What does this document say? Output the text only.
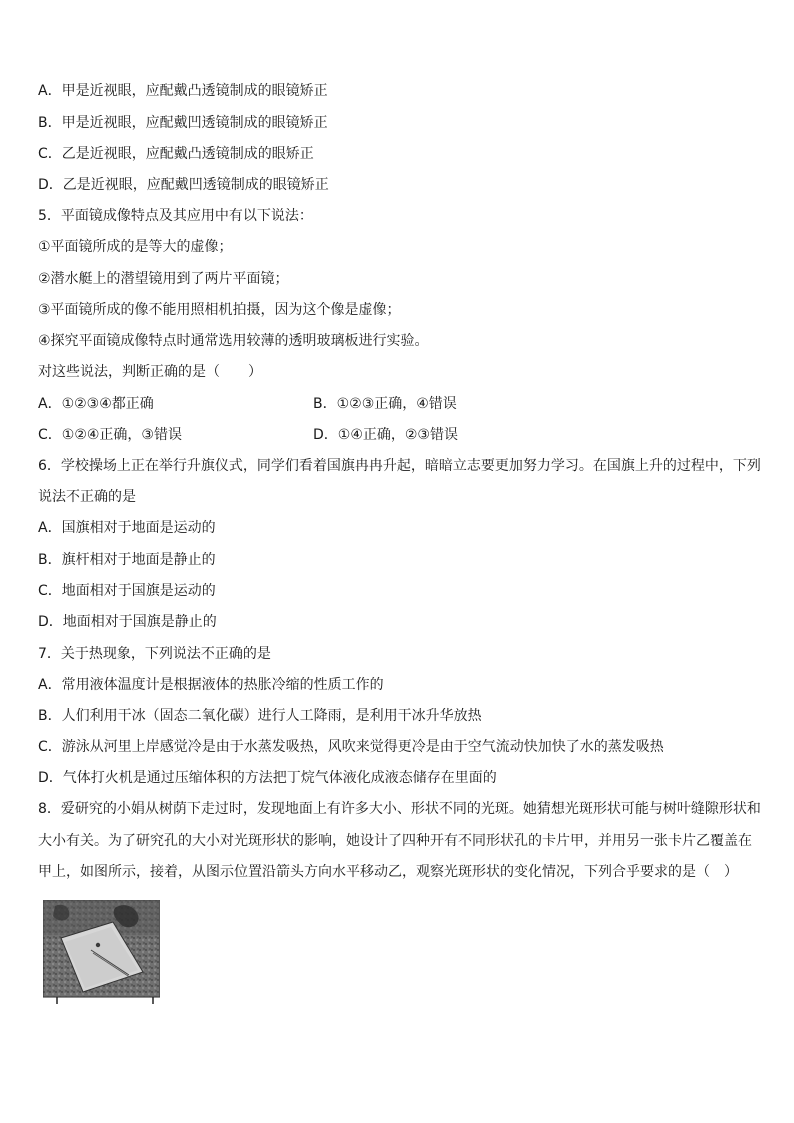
A．甲是近视眼，应配戴凸透镜制成的眼镜矫正
B．甲是近视眼，应配戴凹透镜制成的眼镜矫正
C．乙是近视眼，应配戴凸透镜制成的眼矫正
D．乙是近视眼，应配戴凹透镜制成的眼镜矫正
5．平面镜成像特点及其应用中有以下说法：
①平面镜所成的是等大的虚像；
②潜水艇上的潜望镜用到了两片平面镜；
③平面镜所成的像不能用照相机拍摄，因为这个像是虚像；
④探究平面镜成像特点时通常选用较薄的透明玻璃板进行实验。
对这些说法，判断正确的是（　　）
A．①②③④都正确	B．①②③正确，④错误
C．①②④正确，③错误	D．①④正确，②③错误
6．学校操场上正在举行升旗仪式，同学们看着国旗冉冉升起，暗暗立志要更加努力学习。在国旗上升的过程中，下列
说法不正确的是
A．国旗相对于地面是运动的
B．旗杆相对于地面是静止的
C．地面相对于国旗是运动的
D．地面相对于国旗是静止的
7．关于热现象，下列说法不正确的是
A．常用液体温度计是根据液体的热胀冷缩的性质工作的
B．人们利用干冰（固态二氧化碳）进行人工降雨，是利用干冰升华放热
C．游泳从河里上岸感觉冷是由于水蒸发吸热，风吹来觉得更冷是由于空气流动快加快了水的蒸发吸热
D．气体打火机是通过压缩体积的方法把丁烷气体液化成液态储存在里面的
8．爱研究的小娟从树荫下走过时，发现地面上有许多大小、形状不同的光斑。她猜想光斑形状可能与树叶缝隙形状和
大小有关。为了研究孔的大小对光斑形状的影响，她设计了四种开有不同形状孔的卡片甲，并用另一张卡片乙覆盖在
甲上，如图所示，接着，从图示位置沿箭头方向水平移动乙，观察光斑形状的变化情况，下列合乎要求的是（　）
